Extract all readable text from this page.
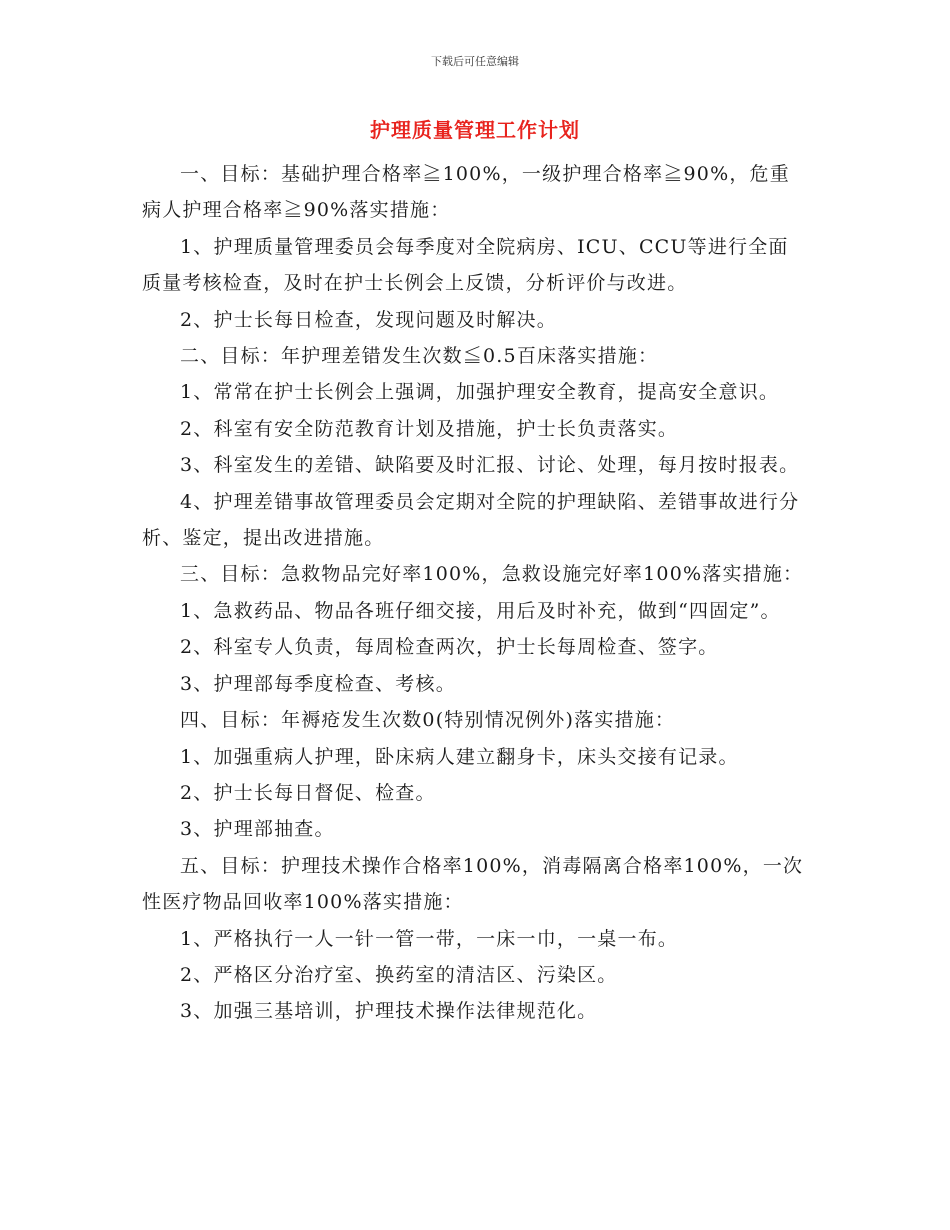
下载后可任意编辑
护理质量管理工作计划

一、目标：基础护理合格率≧100%，一级护理合格率≧90%，危重病人护理合格率≧90%落实措施：

1、护理质量管理委员会每季度对全院病房、ICU、CCU等进行全面质量考核检查，及时在护士长例会上反馈，分析评价与改进。

2、护士长每日检查，发现问题及时解决。

二、目标：年护理差错发生次数≦0.5百床落实措施：

1、常常在护士长例会上强调，加强护理安全教育，提高安全意识。

2、科室有安全防范教育计划及措施，护士长负责落实。

3、科室发生的差错、缺陷要及时汇报、讨论、处理，每月按时报表。

4、护理差错事故管理委员会定期对全院的护理缺陷、差错事故进行分析、鉴定，提出改进措施。

三、目标：急救物品完好率100%，急救设施完好率100%落实措施：

1、急救药品、物品各班仔细交接，用后及时补充，做到“四固定”。

2、科室专人负责，每周检查两次，护士长每周检查、签字。

3、护理部每季度检查、考核。

四、目标：年褥疮发生次数0(特别情况例外)落实措施：

1、加强重病人护理，卧床病人建立翻身卡，床头交接有记录。

2、护士长每日督促、检查。

3、护理部抽查。

五、目标：护理技术操作合格率100%，消毒隔离合格率100%，一次性医疗物品回收率100%落实措施：

1、严格执行一人一针一管一带，一床一巾，一桌一布。

2、严格区分治疗室、换药室的清洁区、污染区。

3、加强三基培训，护理技术操作法律规范化。
